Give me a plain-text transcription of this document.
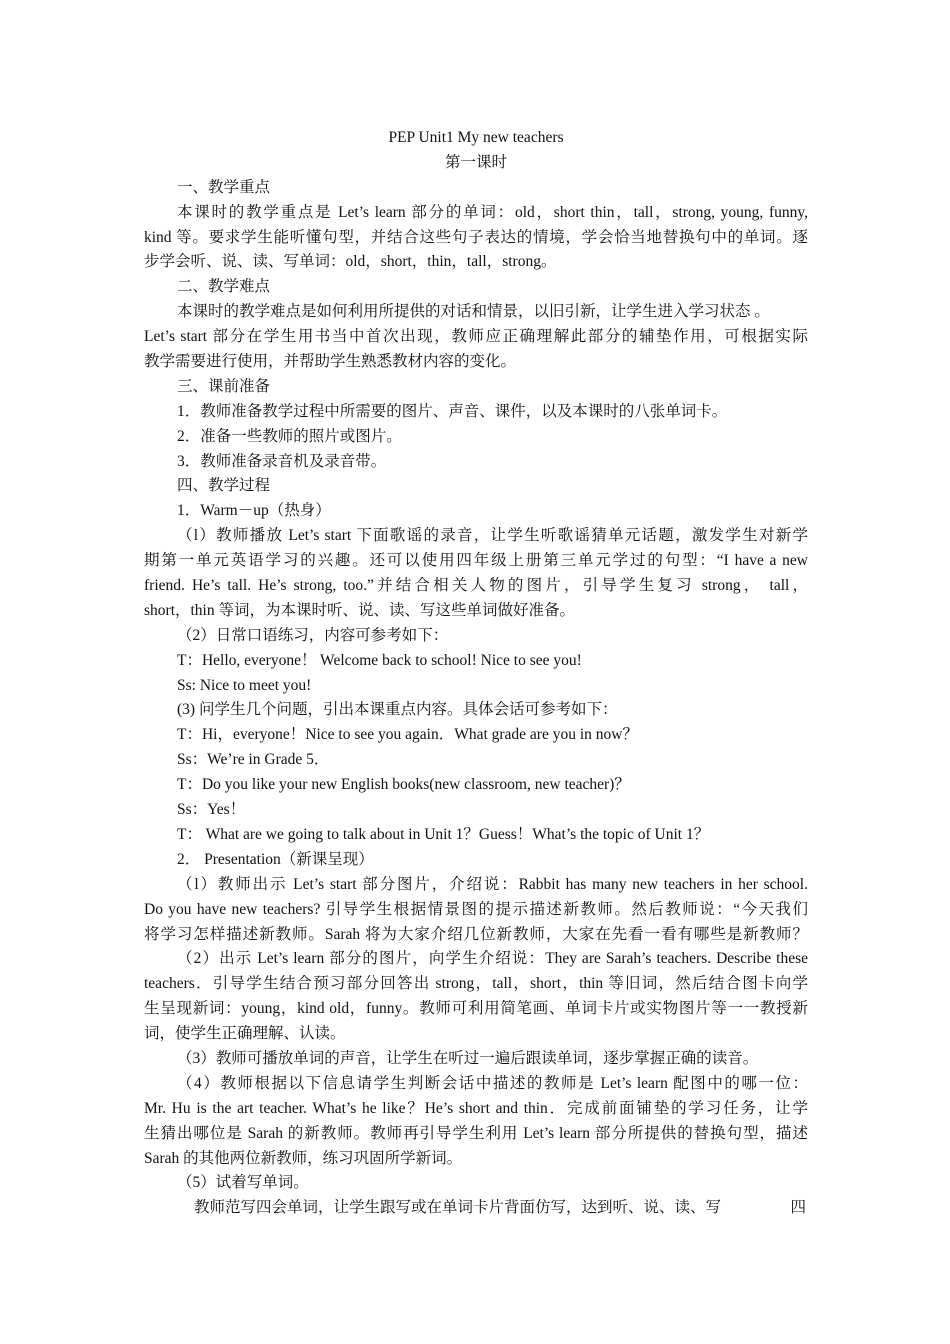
PEP Unit1 My new teachers
第一课时
一、教学重点
本课时的教学重点是 Let’s learn 部分的单词：old，short thin，tall，strong, young, funny,
kind 等。要求学生能听懂句型，并结合这些句子表达的情境，学会恰当地替换句中的单词。逐
步学会听、说、读、写单词：old，short，thin，tall，strong。
二、教学难点
本课时的教学难点是如何利用所提供的对话和情景，以旧引新，让学生进入学习状态 。
Let’s start 部分在学生用书当中首次出现，教师应正确理解此部分的辅垫作用，可根据实际
教学需要进行使用，并帮助学生熟悉教材内容的变化。
三、课前准备
1．教师准备教学过程中所需要的图片、声音、课件，以及本课时的八张单词卡。
2．准备一些教师的照片或图片。
3．教师准备录音机及录音带。
四、教学过程
1．Warm－up（热身）
（l）教师播放 Let’s start 下面歌谣的录音，让学生听歌谣猜单元话题，激发学生对新学
期第一单元英语学习的兴趣。还可以使用四年级上册第三单元学过的句型：“I have a new
friend. He’s tall. He’s strong, too.”并结合相关人物的图片，引导学生复习 strong， tall，
short，thin 等词，为本课时听、说、读、写这些单词做好准备。
（2）日常口语练习，内容可参考如下：
T：Hello, everyone！ Welcome back to school! Nice to see you!
Ss: Nice to meet you!
(3) 问学生几个问题，引出本课重点内容。具体会话可参考如下：
T：Hi，everyone！Nice to see you again．What grade are you in now？
Ss：We’re in Grade 5．
T：Do you like your new English books(new classroom, new teacher)？
Ss：Yes！
T： What are we going to talk about in Unit 1？Guess！What’s the topic of Unit 1？
2． Presentation（新课呈现）
（l）教师出示 Let’s start 部分图片，介绍说：Rabbit has many new teachers in her school.
Do you have new teachers? 引导学生根据情景图的提示描述新教师。然后教师说：“今天我们
将学习怎样描述新教师。Sarah 将为大家介绍几位新教师，大家在先看一看有哪些是新教师？
（2）出示 Let’s learn 部分的图片，向学生介绍说：They are Sarah’s teachers. Describe these
teachers．引导学生结合预习部分回答出 strong，tall，short，thin 等旧词，然后结合图卡向学
生呈现新词：young，kind old，funny。教师可利用简笔画、单词卡片或实物图片等一一教授新
词，使学生正确理解、认读。
（3）教师可播放单词的声音，让学生在听过一遍后跟读单词，逐步掌握正确的读音。
（4）教师根据以下信息请学生判断会话中描述的教师是 Let’s learn 配图中的哪一位：
Mr. Hu is the art teacher. What’s he like？He’s short and thin．完成前面铺垫的学习任务，让学
生猜出哪位是 Sarah 的新教师。教师再引导学生利用 Let’s learn 部分所提供的替换句型，描述
Sarah 的其他两位新教师，练习巩固所学新词。
（5）试着写单词。
教师范写四会单词，让学生跟写或在单词卡片背面仿写，达到听、说、读、写	四
